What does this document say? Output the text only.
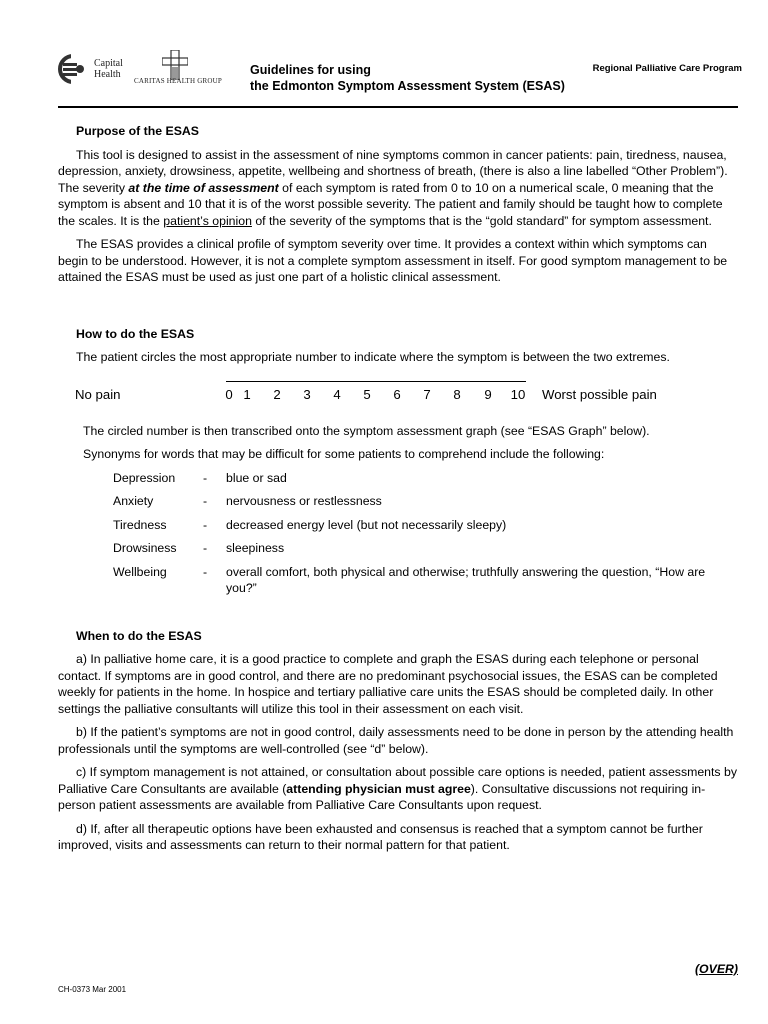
Capital Health
CARITAS HEALTH GROUP
Guidelines for using
the Edmonton Symptom Assessment System (ESAS)
Regional Palliative Care Program
Purpose of the ESAS

This tool is designed to assist in the assessment of nine symptoms common in cancer patients: pain, tiredness, nausea, depression, anxiety, drowsiness, appetite, wellbeing and shortness of breath, (there is also a line labelled “Other Problem”). The severity at the time of assessment of each symptom is rated from 0 to 10 on a numerical scale, 0 meaning that the symptom is absent and 10 that it is of the worst possible severity. The patient and family should be taught how to complete the scales. It is the patient’s opinion of the severity of the symptoms that is the “gold standard” for symptom assessment.

The ESAS provides a clinical profile of symptom severity over time. It provides a context within which symptoms can begin to be understood. However, it is not a complete symptom assessment in itself. For good symptom management to be attained the ESAS must be used as just one part of a holistic clinical assessment.

How to do the ESAS

The patient circles the most appropriate number to indicate where the symptom is between the two extremes.

No pain	0 1	2	3	4	5	6	7	8	9	10 Worst possible pain

The circled number is then transcribed onto the symptom assessment graph (see “ESAS Graph” below).

Synonyms for words that may be difficult for some patients to comprehend include the following:

Depression	-	blue or sad
Anxiety	-	nervousness or restlessness
Tiredness	-	decreased energy level (but not necessarily sleepy)
Drowsiness	-	sleepiness
Wellbeing	-	overall comfort, both physical and otherwise; truthfully answering the question, “How are you?”
When to do the ESAS

a) In palliative home care, it is a good practice to complete and graph the ESAS during each telephone or personal contact. If symptoms are in good control, and there are no predominant psychosocial issues, the ESAS can be completed weekly for patients in the home. In hospice and tertiary palliative care units the ESAS should be completed daily. In other settings the palliative consultants will utilize this tool in their assessment on each visit.

b) If the patient’s symptoms are not in good control, daily assessments need to be done in person by the attending health professionals until the symptoms are well-controlled (see “d” below).

c) If symptom management is not attained, or consultation about possible care options is needed, patient assessments by Palliative Care Consultants are available (attending physician must agree). Consultative discussions not requiring in-person patient assessments are available from Palliative Care Consultants upon request.

d) If, after all therapeutic options have been exhausted and consensus is reached that a symptom cannot be further improved, visits and assessments can return to their normal pattern for that patient.

(OVER)
CH-0373 Mar 2001
